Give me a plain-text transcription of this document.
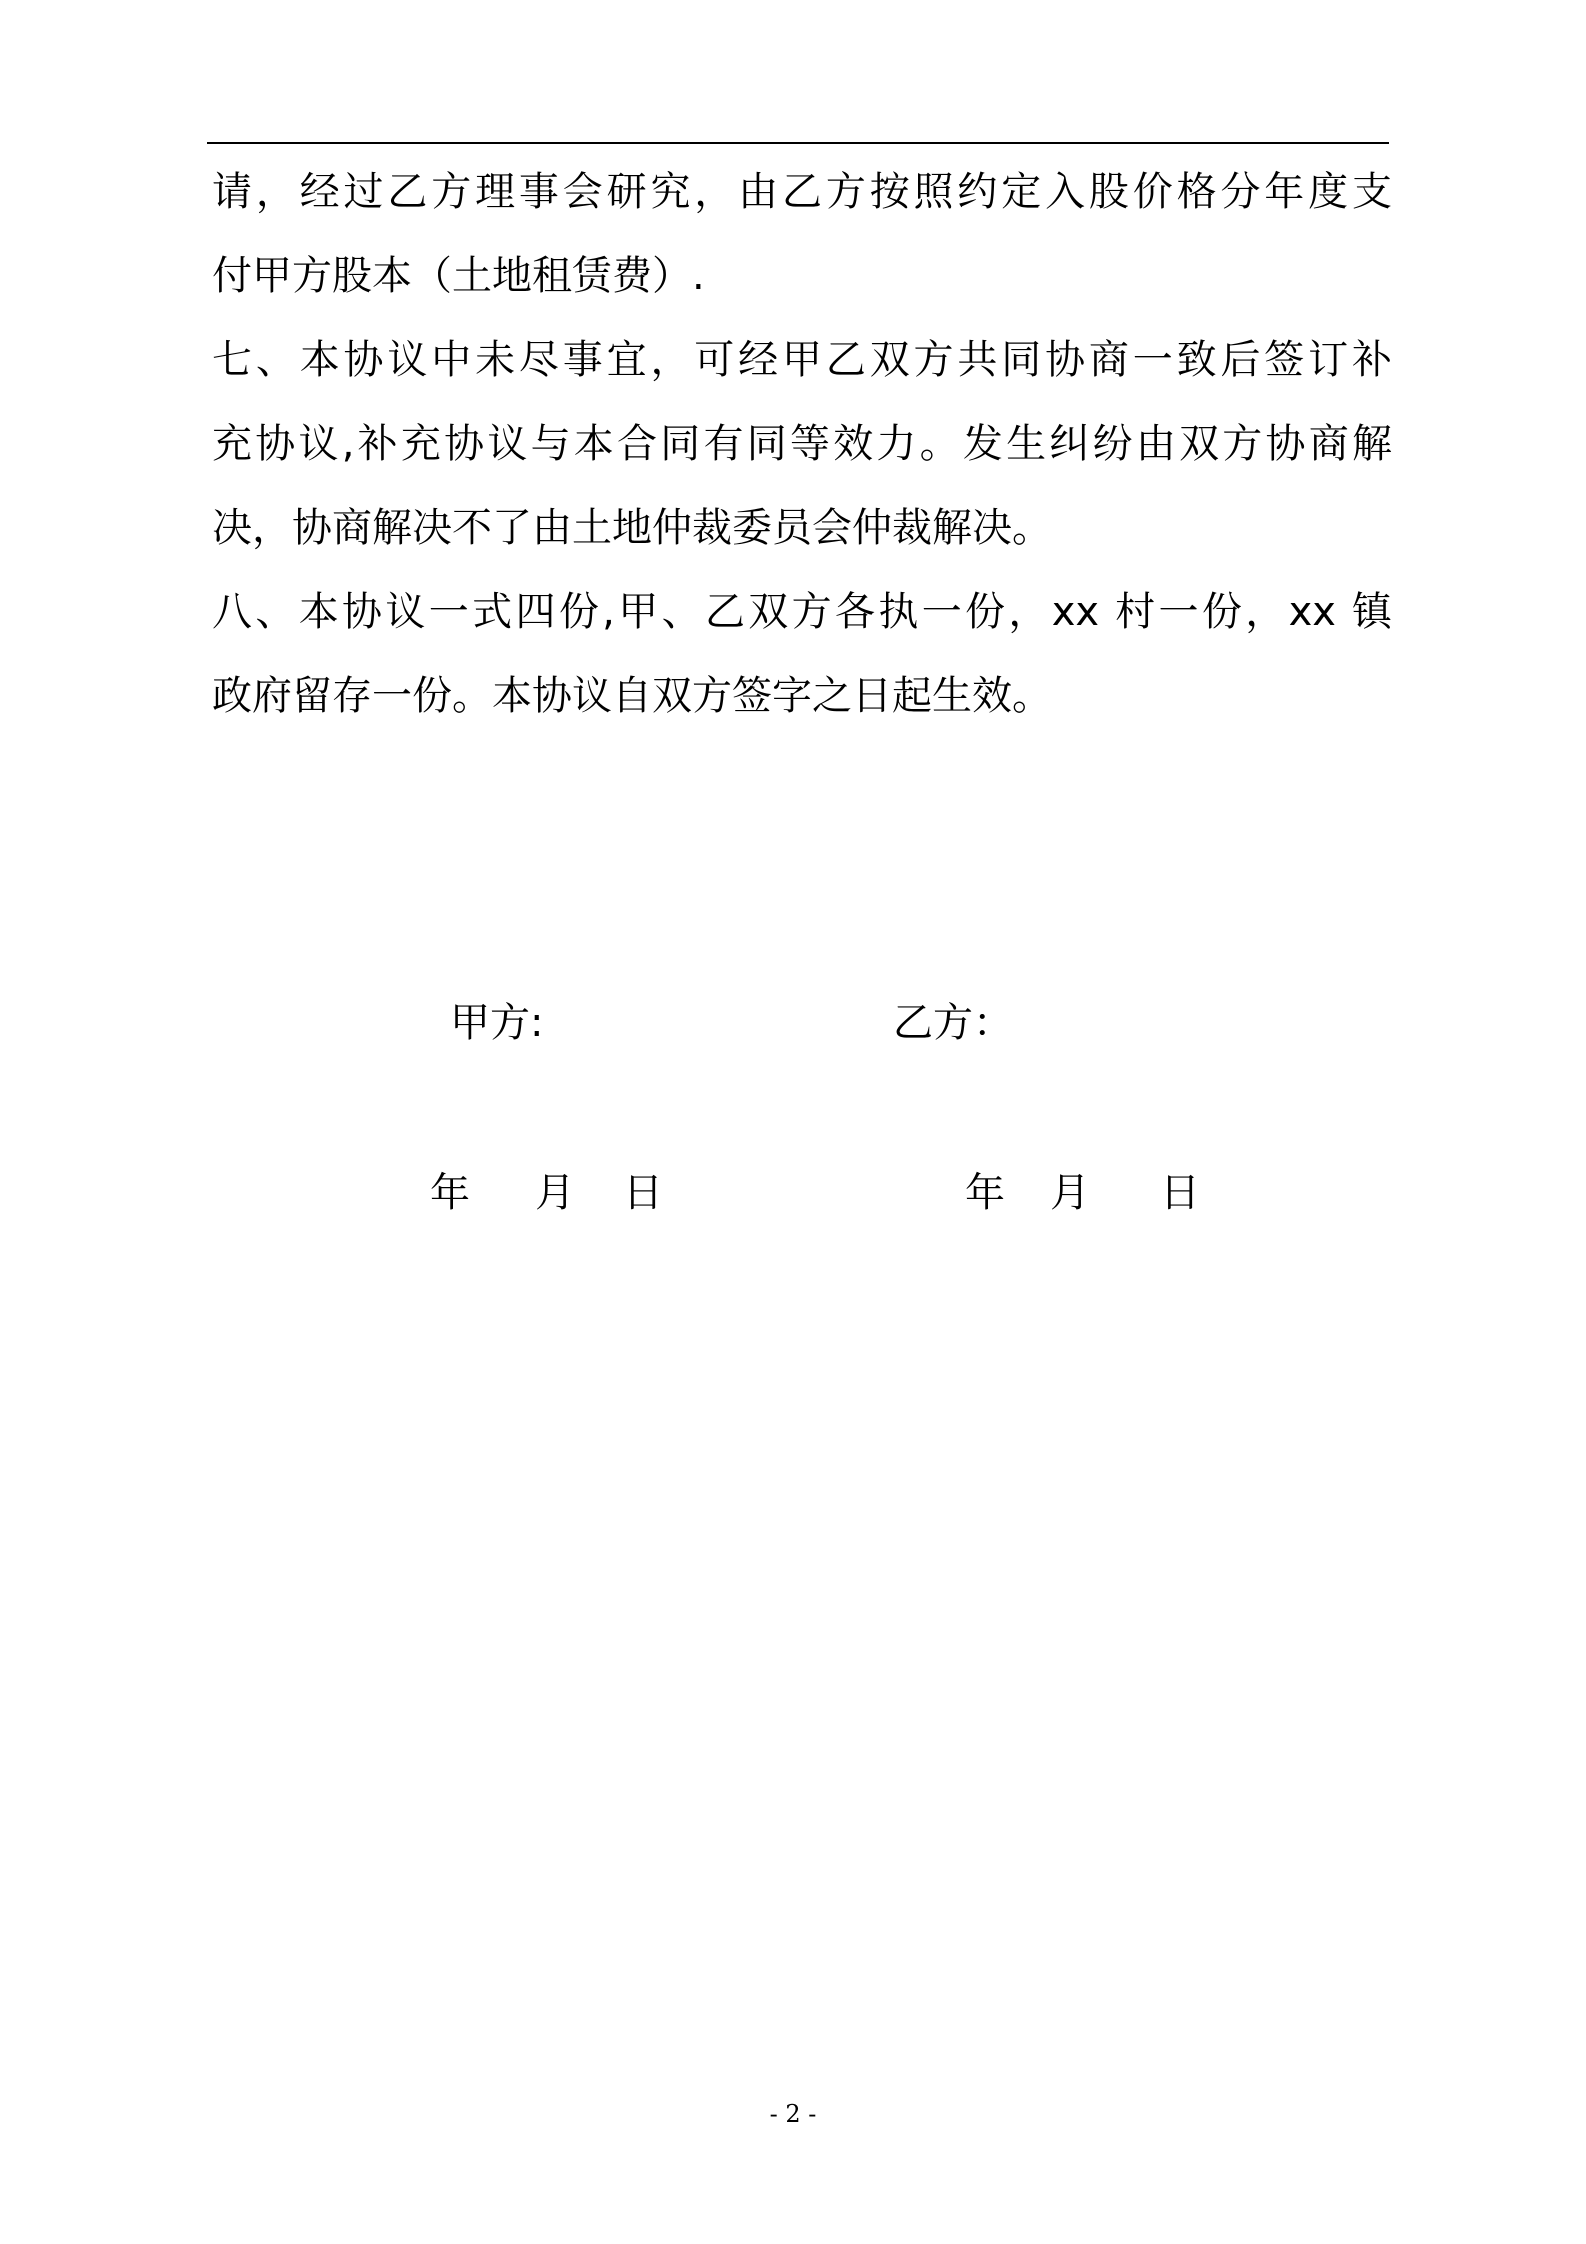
请，经过乙方理事会研究，由乙方按照约定入股价格分年度支
付甲方股本（土地租赁费）.
七、本协议中未尽事宜，可经甲乙双方共同协商一致后签订补
充协议,补充协议与本合同有同等效力。发生纠纷由双方协商解
决，协商解决不了由土地仲裁委员会仲裁解决。
八、本协议一式四份,甲、乙双方各执一份，xx 村一份，xx 镇
政府留存一份。本协议自双方签字之日起生效。
甲方:	乙方：
年 月 日	年 月 日
- 2 -
